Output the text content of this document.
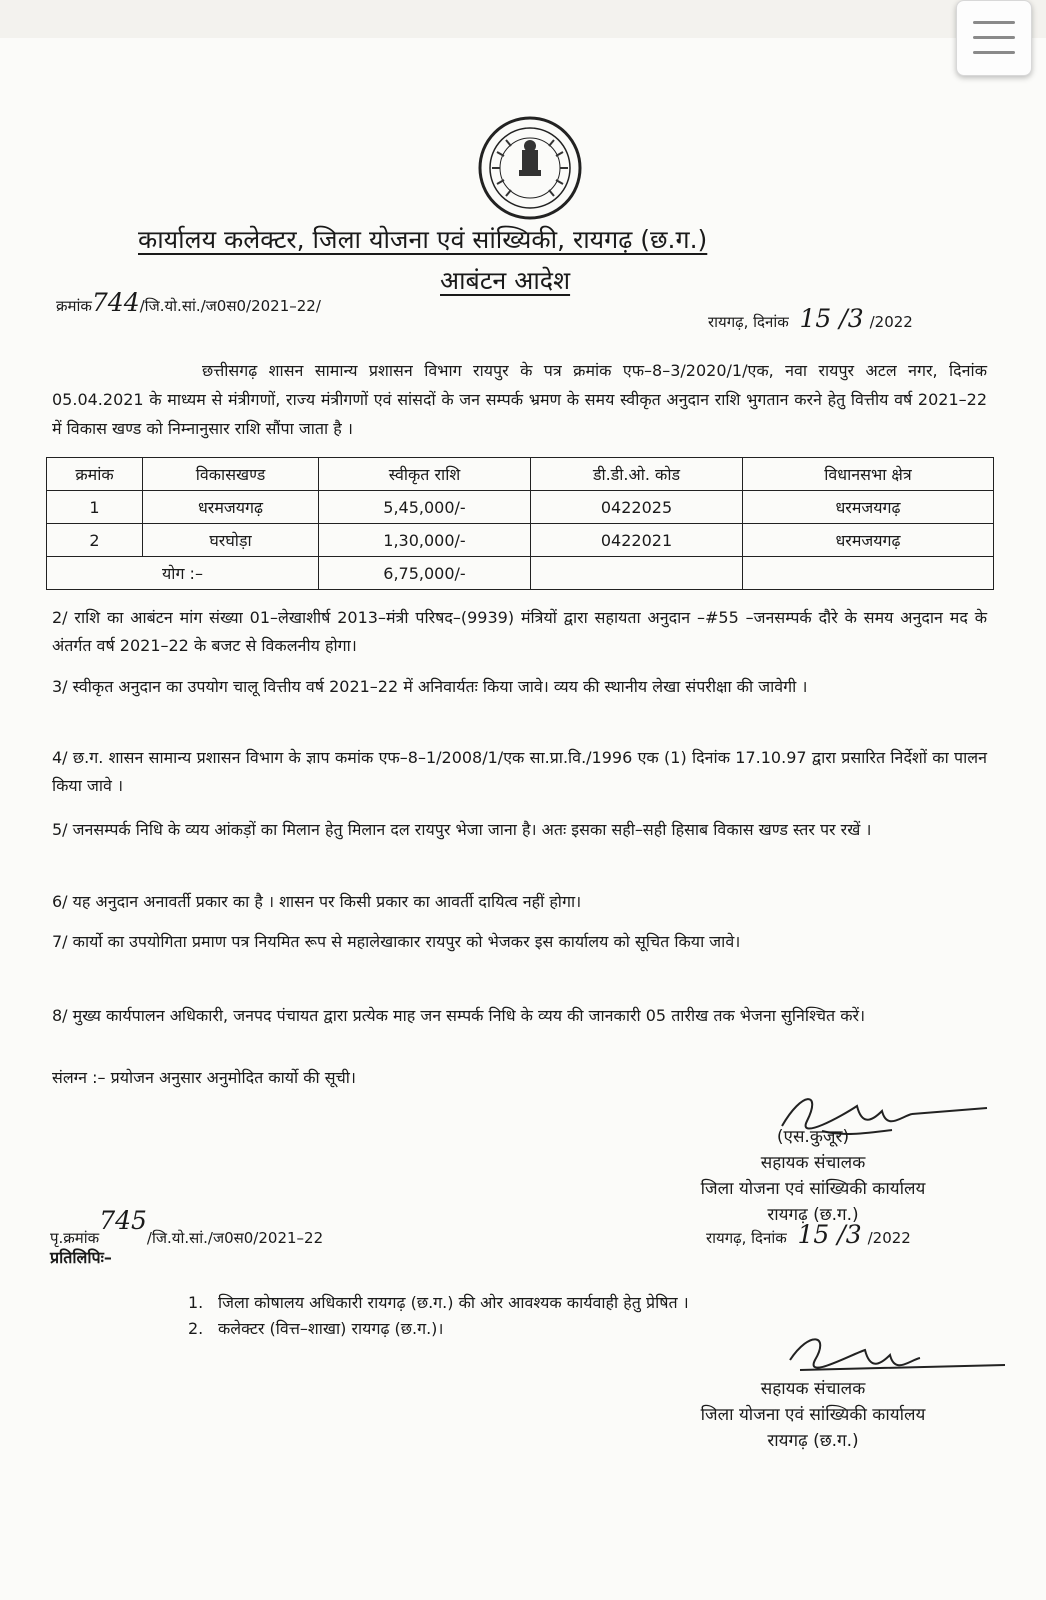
कार्यालय कलेक्टर, जिला योजना एवं सांख्यिकी, रायगढ़ (छ.ग.)
आबंटन आदेश
क्रमांक744/जि.यो.सां./ज0स0/2021–22/
रायगढ़, दिनांक 15 /3 /2022
छत्तीसगढ़ शासन सामान्य प्रशासन विभाग रायपुर के पत्र क्रमांक एफ–8–3/2020/1/एक, नवा रायपुर अटल नगर, दिनांक 05.04.2021 के माध्यम से मंत्रीगणों, राज्य मंत्रीगणों एवं सांसदों के जन सम्पर्क भ्रमण के समय स्वीकृत अनुदान राशि भुगतान करने हेतु वित्तीय वर्ष 2021–22 में विकास खण्ड को निम्नानुसार राशि सौंपा जाता है ।
क्रमांक	विकासखण्ड	स्वीकृत राशि	डी.डी.ओ. कोड	विधानसभा क्षेत्र
1	धरमजयगढ़	5,45,000/-	0422025	धरमजयगढ़
2	घरघोड़ा	1,30,000/-	0422021	धरमजयगढ़
योग :–		6,75,000/-		
2/ राशि का आबंटन मांग संख्या 01–लेखाशीर्ष 2013–मंत्री परिषद–(9939) मंत्रियों द्वारा सहायता अनुदान –#55 –जनसम्पर्क दौरे के समय अनुदान मद के अंतर्गत वर्ष 2021–22 के बजट से विकलनीय होगा।
3/ स्वीकृत अनुदान का उपयोग चालू वित्तीय वर्ष 2021–22 में अनिवार्यतः किया जावे। व्यय की स्थानीय लेखा संपरीक्षा की जावेगी ।
4/ छ.ग. शासन सामान्य प्रशासन विभाग के ज्ञाप कमांक एफ–8–1/2008/1/एक सा.प्रा.वि./1996 एक (1) दिनांक 17.10.97 द्वारा प्रसारित निर्देशों का पालन किया जावे ।
5/ जनसम्पर्क निधि के व्यय आंकड़ों का मिलान हेतु मिलान दल रायपुर भेजा जाना है। अतः इसका सही–सही हिसाब विकास खण्ड स्तर पर रखें ।
6/ यह अनुदान अनावर्ती प्रकार का है । शासन पर किसी प्रकार का आवर्ती दायित्व नहीं होगा।
7/ कार्यो का उपयोगिता प्रमाण पत्र नियमित रूप से महालेखाकार रायपुर को भेजकर इस कार्यालय को सूचित किया जावे।
8/ मुख्य कार्यपालन अधिकारी, जनपद पंचायत द्वारा प्रत्येक माह जन सम्पर्क निधि के व्यय की जानकारी 05 तारीख तक भेजना सुनिश्चित करें।
संलग्न :– प्रयोजन अनुसार अनुमोदित कार्यो की सूची।
(एस.कुजूर)
सहायक संचालक
जिला योजना एवं सांख्यिकी कार्यालय
रायगढ़ (छ.ग.)
रायगढ़, दिनांक 15 /3 /2022
पृ.क्रमांक745/जि.यो.सां./ज0स0/2021–22
प्रतिलिपिः–
1. जिला कोषालय अधिकारी रायगढ़ (छ.ग.) की ओर आवश्यक कार्यवाही हेतु प्रेषित ।
2. कलेक्टर (वित्त–शाखा) रायगढ़ (छ.ग.)।
सहायक संचालक
जिला योजना एवं सांख्यिकी कार्यालय
रायगढ़ (छ.ग.)
